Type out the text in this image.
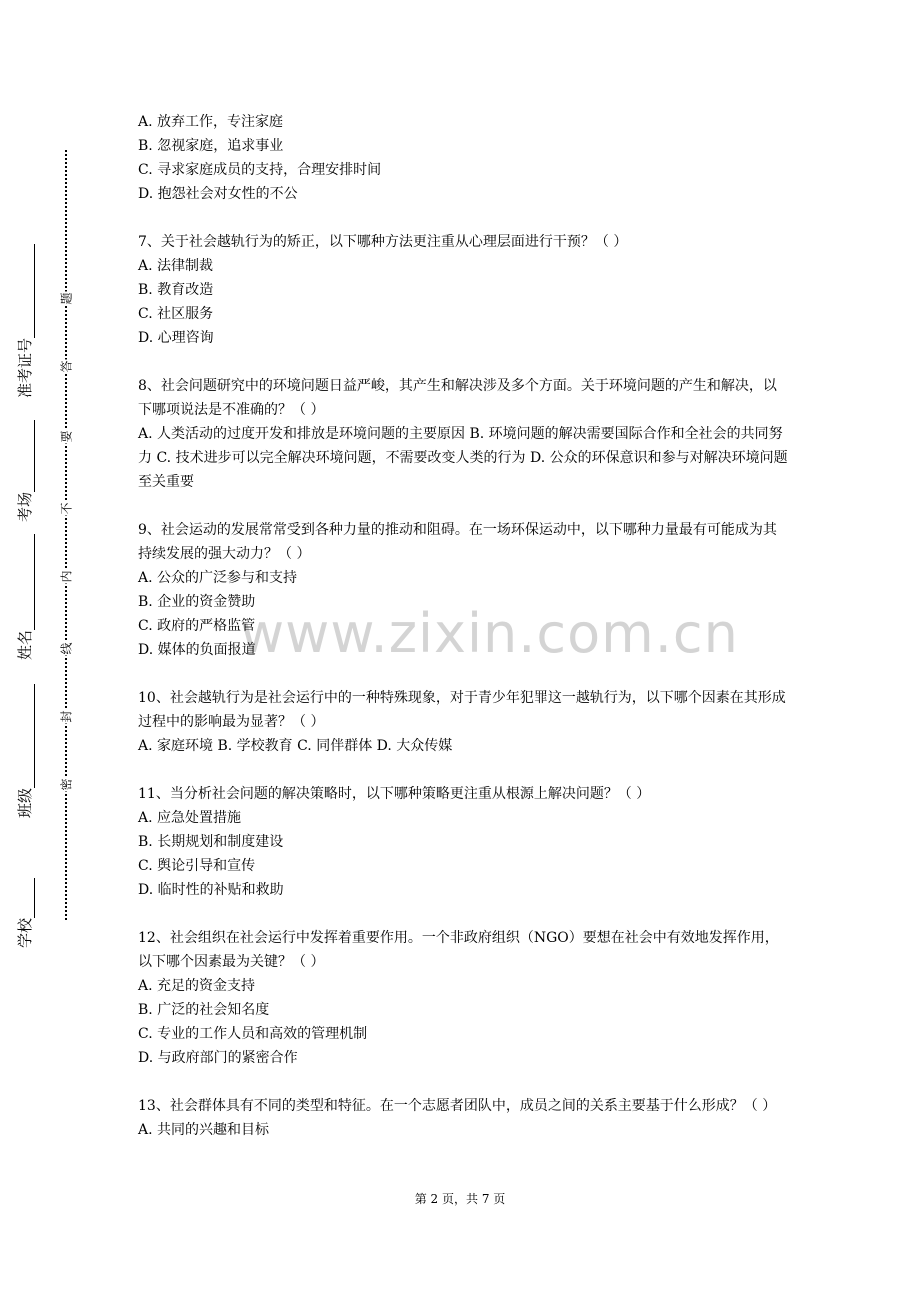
准考证号
考场
姓名
班级
学校
题
答
要
不
内
线
封
密
www.zixin.com.cn
A. 放弃工作，专注家庭
B. 忽视家庭，追求事业
C. 寻求家庭成员的支持，合理安排时间
D. 抱怨社会对女性的不公
7、关于社会越轨行为的矫正，以下哪种方法更注重从心理层面进行干预？（ ）
A. 法律制裁
B. 教育改造
C. 社区服务
D. 心理咨询
8、社会问题研究中的环境问题日益严峻，其产生和解决涉及多个方面。关于环境问题的产生和解决，以下哪项说法是不准确的？（ ）
A. 人类活动的过度开发和排放是环境问题的主要原因 B. 环境问题的解决需要国际合作和全社会的共同努力 C. 技术进步可以完全解决环境问题，不需要改变人类的行为 D. 公众的环保意识和参与对解决环境问题至关重要
9、社会运动的发展常常受到各种力量的推动和阻碍。在一场环保运动中，以下哪种力量最有可能成为其持续发展的强大动力？（ ）
A. 公众的广泛参与和支持
B. 企业的资金赞助
C. 政府的严格监管
D. 媒体的负面报道
10、社会越轨行为是社会运行中的一种特殊现象，对于青少年犯罪这一越轨行为，以下哪个因素在其形成过程中的影响最为显著？（ ）
A. 家庭环境 B. 学校教育 C. 同伴群体 D. 大众传媒
11、当分析社会问题的解决策略时，以下哪种策略更注重从根源上解决问题？（ ）
A. 应急处置措施
B. 长期规划和制度建设
C. 舆论引导和宣传
D. 临时性的补贴和救助
12、社会组织在社会运行中发挥着重要作用。一个非政府组织（NGO）要想在社会中有效地发挥作用，以下哪个因素最为关键？（ ）
A. 充足的资金支持
B. 广泛的社会知名度
C. 专业的工作人员和高效的管理机制
D. 与政府部门的紧密合作
13、社会群体具有不同的类型和特征。在一个志愿者团队中，成员之间的关系主要基于什么形成？（ ）
A. 共同的兴趣和目标
第 2 页，共 7 页
